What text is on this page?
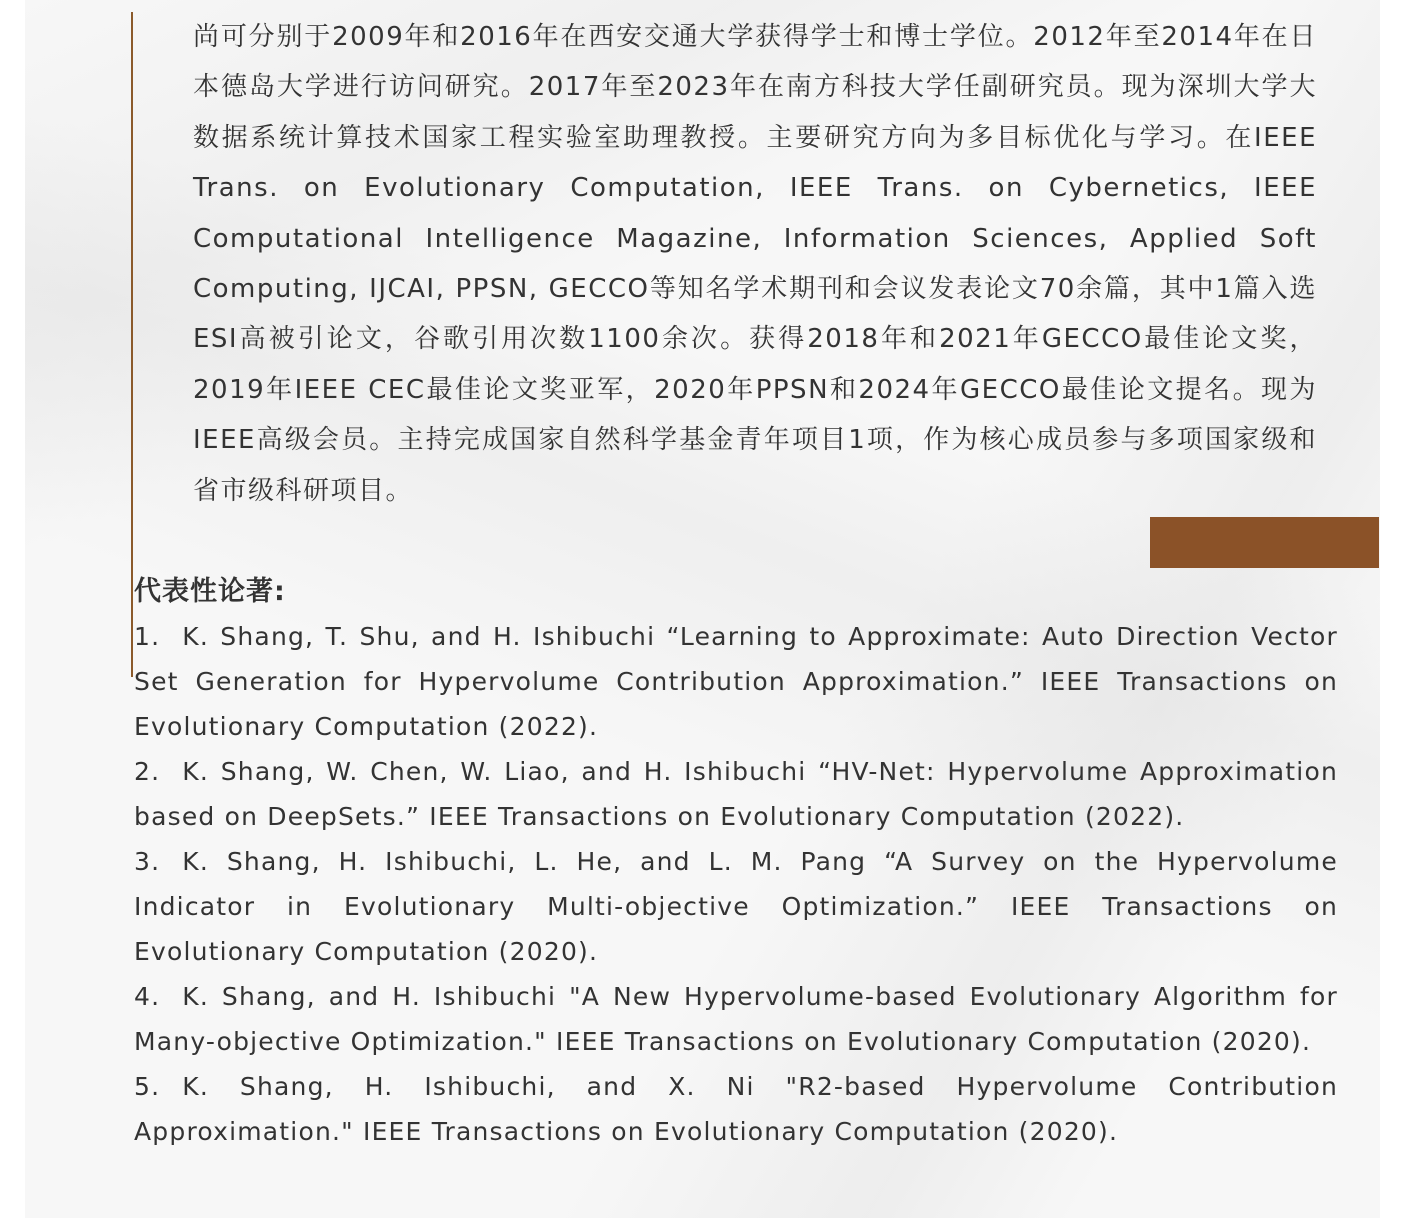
尚可分别于2009年和2016年在西安交通大学获得学士和博士学位。2012年至2014年在日本德岛大学进行访问研究。2017年至2023年在南方科技大学任副研究员。现为深圳大学大数据系统计算技术国家工程实验室助理教授。主要研究方向为多目标优化与学习。在IEEE Trans. on Evolutionary Computation, IEEE Trans. on Cybernetics, IEEE Computational Intelligence Magazine, Information Sciences, Applied Soft Computing, IJCAI, PPSN, GECCO等知名学术期刊和会议发表论文70余篇，其中1篇入选ESI高被引论文，谷歌引用次数1100余次。获得2018年和2021年GECCO最佳论文奖，2019年IEEE CEC最佳论文奖亚军，2020年PPSN和2024年GECCO最佳论文提名。现为IEEE高级会员。主持完成国家自然科学基金青年项目1项，作为核心成员参与多项国家级和省市级科研项目。

代表性论著:

1. K. Shang, T. Shu, and H. Ishibuchi “Learning to Approximate: Auto Direction Vector Set Generation for Hypervolume Contribution Approximation.” IEEE Transactions on Evolutionary Computation (2022).

2. K. Shang, W. Chen, W. Liao, and H. Ishibuchi “HV-Net: Hypervolume Approximation based on DeepSets.” IEEE Transactions on Evolutionary Computation (2022).

3. K. Shang, H. Ishibuchi, L. He, and L. M. Pang “A Survey on the Hypervolume Indicator in Evolutionary Multi-objective Optimization.” IEEE Transactions on Evolutionary Computation (2020).

4. K. Shang, and H. Ishibuchi "A New Hypervolume-based Evolutionary Algorithm for Many-objective Optimization." IEEE Transactions on Evolutionary Computation (2020).

5. K. Shang, H. Ishibuchi, and X. Ni "R2-based Hypervolume Contribution Approximation." IEEE Transactions on Evolutionary Computation (2020).
